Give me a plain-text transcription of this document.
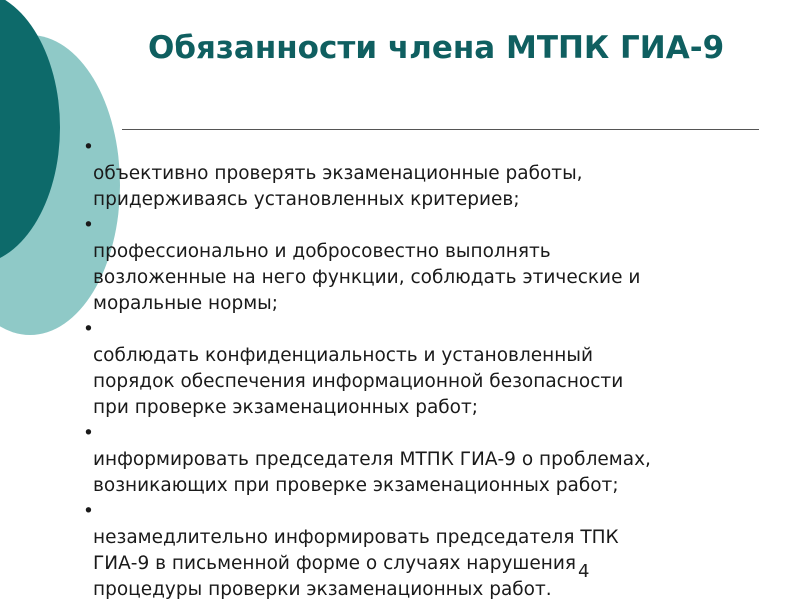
Обязанности члена МТПК ГИА-9

•
объективно проверять экзаменационные работы,
придерживаясь установленных критериев;

•
профессионально и добросовестно выполнять
возложенные на него функции, соблюдать этические и
моральные нормы;

•
соблюдать конфиденциальность и установленный
порядок обеспечения информационной безопасности
при проверке экзаменационных работ;

•
информировать председателя МТПК ГИА-9 о проблемах,
возникающих при проверке экзаменационных работ;

•
незамедлительно информировать председателя ТПК
ГИА-9 в письменной форме о случаях нарушения
процедуры проверки экзаменационных работ.

4
